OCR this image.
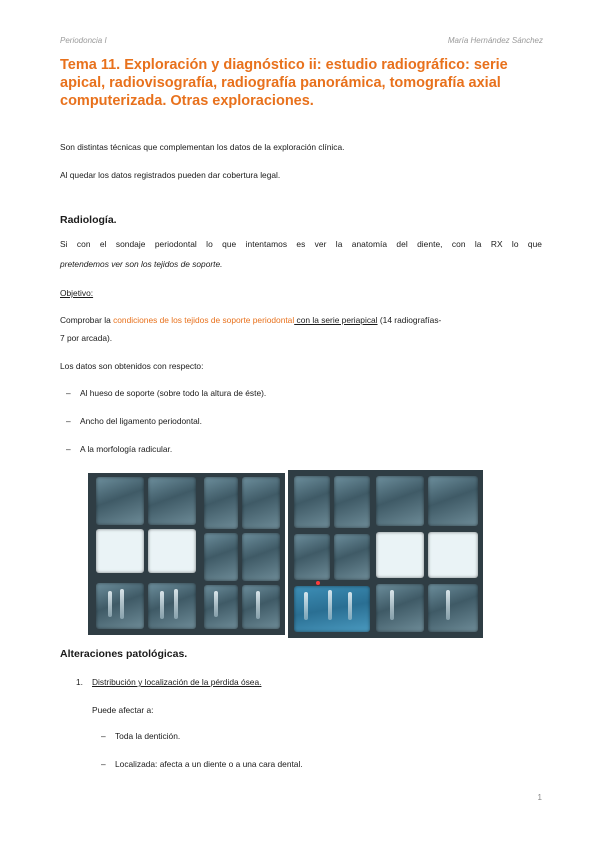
Periodoncia I	María Hernández Sánchez
Tema 11. Exploración y diagnóstico ii: estudio radiográfico: serie apical, radiovisografía, radiografía panorámica, tomografía axial computerizada. Otras exploraciones.

Son distintas técnicas que complementan los datos de la exploración clínica.

Al quedar los datos registrados pueden dar cobertura legal.

Radiología.

Si con el sondaje periodontal lo que intentamos es ver la anatomía del diente, con la RX lo que

pretendemos ver son los tejidos de soporte.

Objetivo:

Comprobar la condiciones de los tejidos de soporte periodontal con la serie periapical (14 radiografías-

7 por arcada).

Los datos son obtenidos con respecto:

– Al hueso de soporte (sobre todo la altura de éste).
– Ancho del ligamento periodontal.
– A la morfología radicular.
Alteraciones patológicas.
1. Distribución y localización de la pérdida ósea.

Puede afectar a:

– Toda la dentición.
– Localizada: afecta a un diente o a una cara dental.
1
